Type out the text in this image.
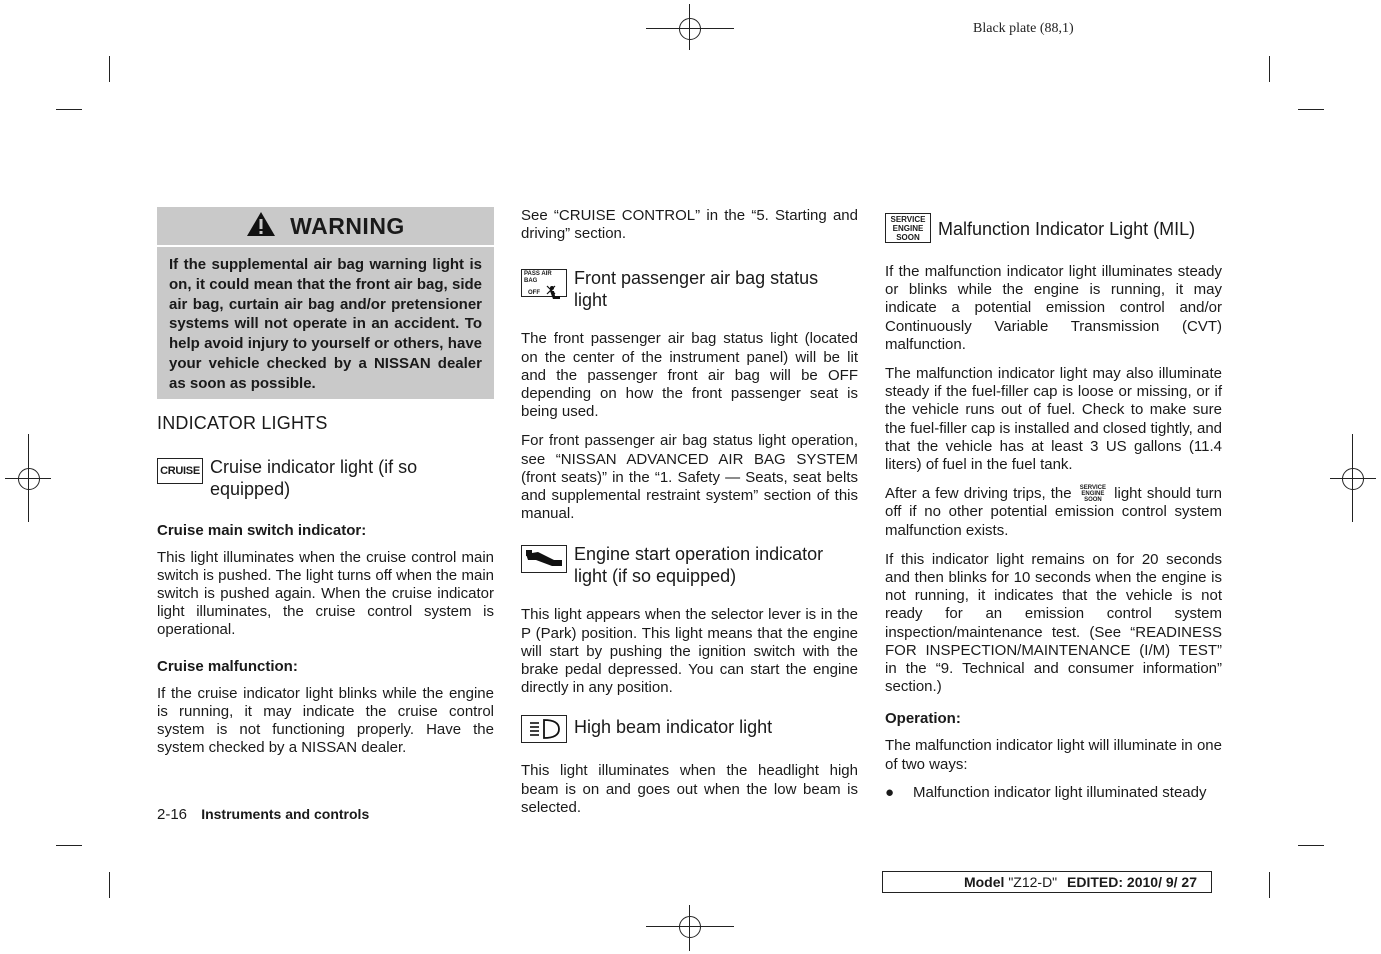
Black plate (88,1)
WARNING
If the supplemental air bag warning light is on, it could mean that the front air bag, side air bag, curtain air bag and/or pretensioner systems will not operate in an accident. To help avoid injury to yourself or others, have your vehicle checked by a NISSAN dealer as soon as possible.
INDICATOR LIGHTS
CRUISE Cruise indicator light (if so equipped)
Cruise main switch indicator:

This light illuminates when the cruise control main switch is pushed. The light turns off when the main switch is pushed again. When the cruise indicator light illuminates, the cruise control system is operational.

Cruise malfunction:

If the cruise indicator light blinks while the engine is running, it may indicate the cruise control system is not functioning properly. Have the system checked by a NISSAN dealer.

See “CRUISE CONTROL” in the “5. Starting and driving” section.

PASS AIR BAG
OFF
Front passenger air bag status light

The front passenger air bag status light (located on the center of the instrument panel) will be lit and the passenger front air bag will be OFF depending on how the front passenger seat is being used.

For front passenger air bag status light operation, see “NISSAN ADVANCED AIR BAG SYSTEM (front seats)” in the “1. Safety — Seats, seat belts and supplemental restraint system” section of this manual.

Engine start operation indicator light (if so equipped)

This light appears when the selector lever is in the P (Park) position. This light means that the engine will start by pushing the ignition switch with the brake pedal depressed. You can start the engine directly in any position.

High beam indicator light

This light illuminates when the headlight high beam is on and goes out when the low beam is selected.

SERVICE
ENGINE
SOON Malfunction Indicator Light (MIL)

If the malfunction indicator light illuminates steady or blinks while the engine is running, it may indicate a potential emission control and/or Continuously Variable Transmission (CVT) malfunction.

The malfunction indicator light may also illuminate steady if the fuel-filler cap is loose or missing, or if the vehicle runs out of fuel. Check to make sure the fuel-filler cap is installed and closed tightly, and that the vehicle has at least 3 US gallons (11.4 liters) of fuel in the fuel tank.

After a few driving trips, the SERVICE
ENGINE
SOON light should turn off if no other potential emission control system malfunction exists.

If this indicator light remains on for 20 seconds and then blinks for 10 seconds when the engine is not running, it indicates that the vehicle is not ready for an emission control system inspection/maintenance test. (See “READINESS FOR INSPECTION/MAINTENANCE (I/M) TEST” in the “9. Technical and consumer information” section.)

Operation:

The malfunction indicator light will illuminate in one of two ways:

●	Malfunction indicator light illuminated steady
2-16 Instruments and controls
Model "Z12-D" EDITED: 2010/ 9/ 27
